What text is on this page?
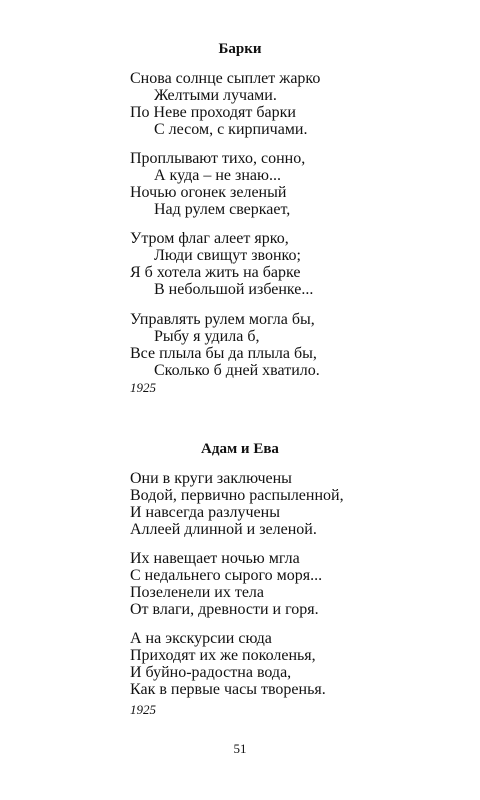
Барки
Снова солнце сыплет жарко
Желтыми лучами.
По Неве проходят барки
С лесом, с кирпичами.
Проплывают тихо, сонно,
А куда – не знаю...
Ночью огонек зеленый
Над рулем сверкает,
Утром флаг алеет ярко,
Люди свищут звонко;
Я б хотела жить на барке
В небольшой избенке...
Управлять рулем могла бы,
Рыбу я удила б,
Все плыла бы да плыла бы,
Сколько б дней хватило.
1925
Адам и Ева
Они в круги заключены
Водой, первично распыленной,
И навсегда разлучены
Аллеей длинной и зеленой.
Их навещает ночью мгла
С недальнего сырого моря...
Позеленели их тела
От влаги, древности и горя.
А на экскурсии сюда
Приходят их же поколенья,
И буйно-радостна вода,
Как в первые часы творенья.
1925
51
